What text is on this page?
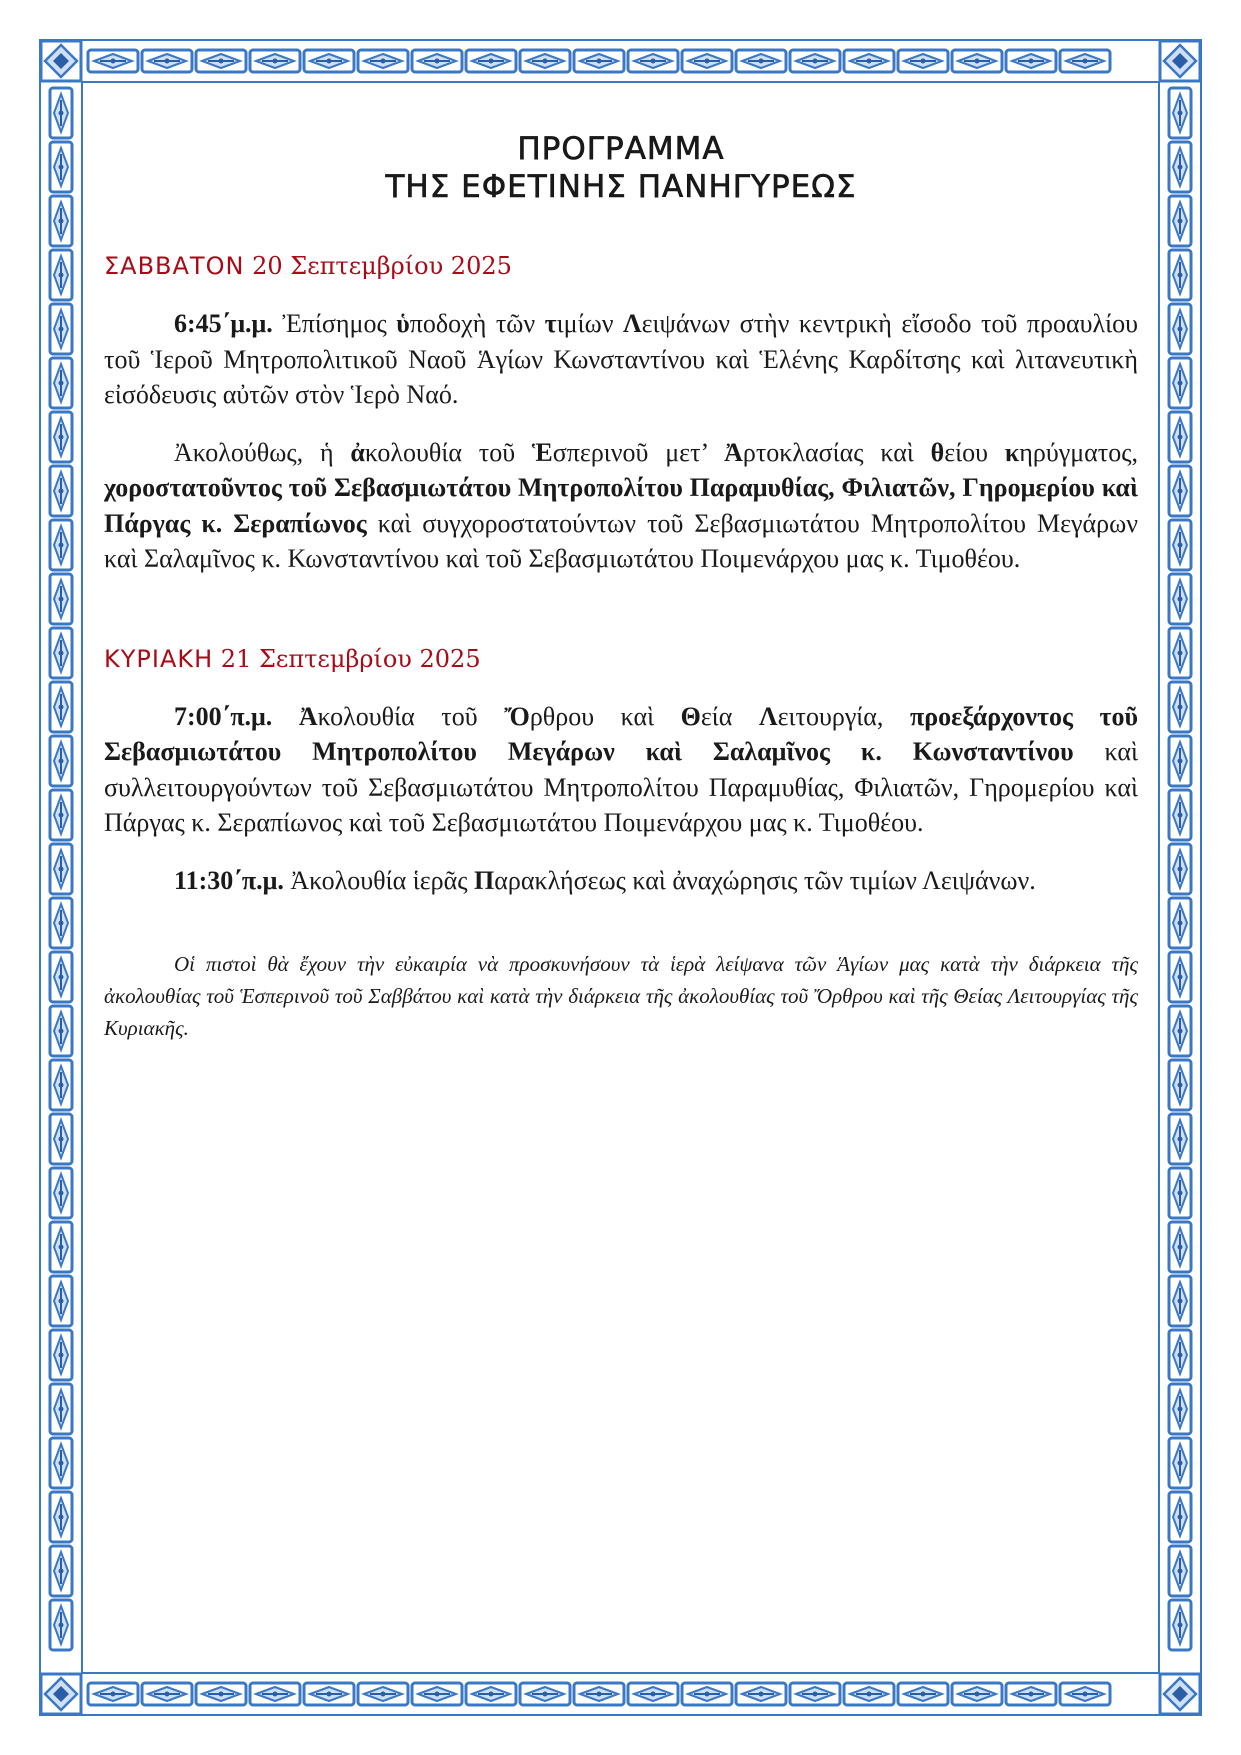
ΠΡΟΓΡΑΜΜΑ
ΤΗΣ ΕΦΕΤΙΝΗΣ ΠΑΝΗΓΥΡΕΩΣ

ΣΑΒΒΑΤΟΝ 20 Σεπτεμβρίου 2025

6:45΄μ.μ. Ἐπίσημος ὑποδοχὴ τῶν τιμίων Λειψάνων στὴν κεντρικὴ εἴσοδο τοῦ προαυλίου τοῦ Ἱεροῦ Μητροπολιτικοῦ Ναοῦ Ἁγίων Κωνσταντίνου καὶ Ἑλένης Καρδίτσης καὶ λιτανευτικὴ εἰσόδευσις αὐτῶν στὸν Ἱερὸ Ναό.

Ἀκολούθως, ἡ ἀκολουθία τοῦ Ἑσπερινοῦ μετ’ Ἀρτοκλασίας καὶ θείου κηρύγματος, χοροστατοῦντος τοῦ Σεβασμιωτάτου Μητροπολίτου Παραμυθίας, Φιλιατῶν, Γηρομερίου καὶ Πάργας κ. Σεραπίωνος καὶ συγχοροστατούντων τοῦ Σεβασμιωτάτου Μητροπολίτου Μεγάρων καὶ Σαλαμῖνος κ. Κωνσταντίνου καὶ τοῦ Σεβασμιωτάτου Ποιμενάρχου μας κ. Τιμοθέου.

ΚΥΡΙΑΚΗ 21 Σεπτεμβρίου 2025

7:00΄π.μ. Ἀκολουθία τοῦ Ὄρθρου καὶ Θεία Λειτουργία, προεξάρχοντος τοῦ Σεβασμιωτάτου Μητροπολίτου Μεγάρων καὶ Σαλαμῖνος κ. Κωνσταντίνου καὶ συλλειτουργούντων τοῦ Σεβασμιωτάτου Μητροπολίτου Παραμυθίας, Φιλιατῶν, Γηρομερίου καὶ Πάργας κ. Σεραπίωνος καὶ τοῦ Σεβασμιωτάτου Ποιμενάρχου μας κ. Τιμοθέου.

11:30΄π.μ. Ἀκολουθία ἱερᾶς Παρακλήσεως καὶ ἀναχώρησις τῶν τιμίων Λειψάνων.

Οἱ πιστοὶ θὰ ἔχουν τὴν εὐκαιρία νὰ προσκυνήσουν τὰ ἱερὰ λείψανα τῶν Ἁγίων μας κατὰ τὴν διάρκεια τῆς ἀκολουθίας τοῦ Ἑσπερινοῦ τοῦ Σαββάτου καὶ κατὰ τὴν διάρκεια τῆς ἀκολουθίας τοῦ Ὄρθρου καὶ τῆς Θείας Λειτουργίας τῆς Κυριακῆς.
